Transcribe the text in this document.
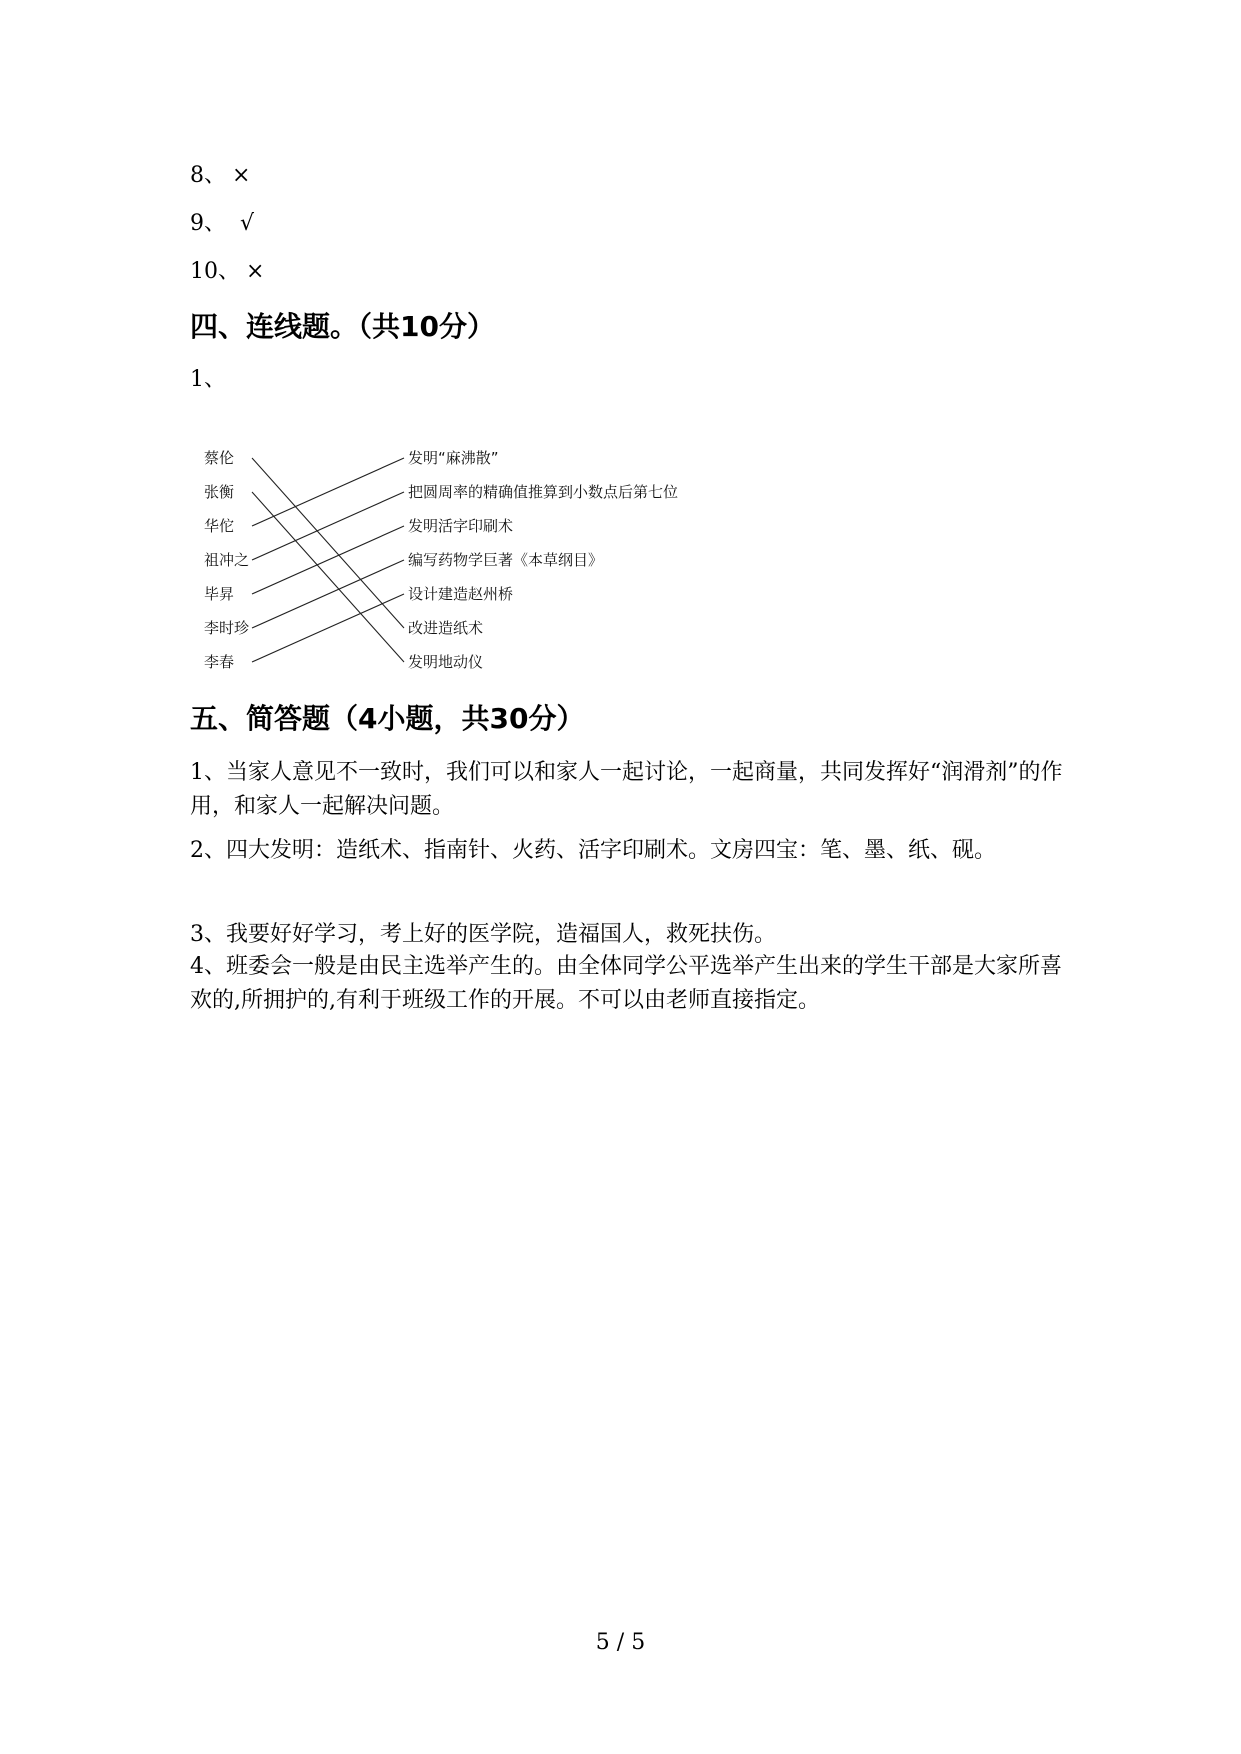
8、 ×
9、 √
10、 ×
四、连线题。（共10分）
1、
蔡伦
张衡
华佗
祖冲之
毕昇
李时珍
李春
发明“麻沸散”
把圆周率的精确值推算到小数点后第七位
发明活字印刷术
编写药物学巨著《本草纲目》
设计建造赵州桥
改进造纸术
发明地动仪
五、简答题（4小题，共30分）
1、当家人意见不一致时，我们可以和家人一起讨论，一起商量，共同发挥好“润滑剂”的作用，和家人一起解决问题。
2、四大发明：造纸术、指南针、火药、活字印刷术。文房四宝：笔、墨、纸、砚。
3、我要好好学习，考上好的医学院，造福国人，救死扶伤。
4、班委会一般是由民主选举产生的。由全体同学公平选举产生出来的学生干部是大家所喜欢的,所拥护的,有利于班级工作的开展。不可以由老师直接指定。
5 / 5
